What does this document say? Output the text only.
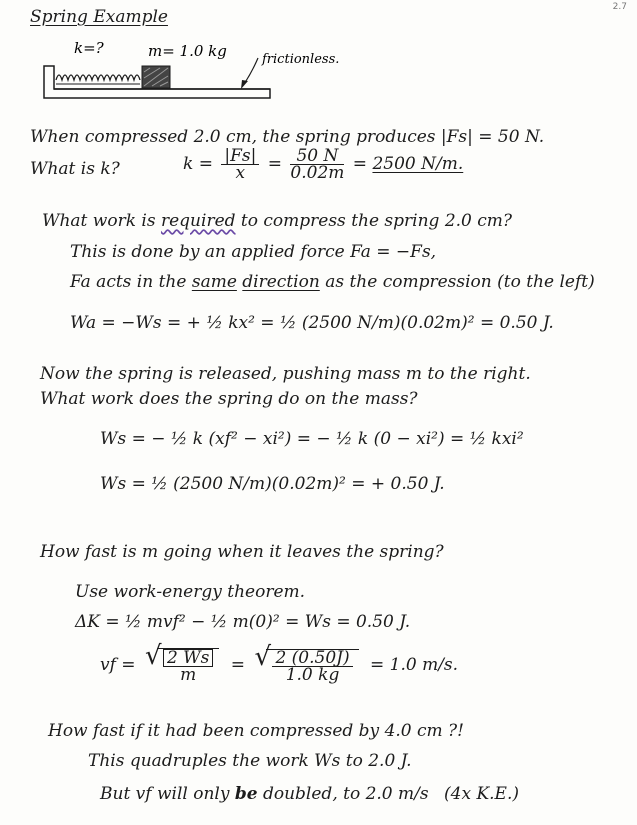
2.7
Spring Example
k=?	m= 1.0 kg	frictionless.
When compressed 2.0 cm, the spring produces |Fs| = 50 N.
What is k?	$k = \frac{|Fs|}{x} = \frac{50 N}{0.02m} = 2500$ N/m.
What work is required to compress the spring 2.0 cm?
This is done by an applied force Fa = −Fs,
Fa acts in the same direction as the compression (to the left)
Wa = −Ws = + ½ kx² = ½ (2500 N/m)(0.02m)² = 0.50 J.
Now the spring is released, pushing mass m to the right.
What work does the spring do on the mass?
Ws = − ½ k (xf² − xi²) = − ½ k (0 − xi²) = ½ kxi²
Ws = ½ (2500 N/m)(0.02m)² = + 0.50 J.
How fast is m going when it leaves the spring?
Use work-energy theorem.
ΔK = ½ mvf² − ½ m(0)² = Ws = 0.50 J.
vf = √ $\frac{2 Ws}{m}$ = √ $\frac{2 (0.50J)}{1.0 kg} = 1.0$ m/s.
How fast if it had been compressed by 4.0 cm ?!
This quadruples the work Ws to 2.0 J.
But vf will only be doubled, to 2.0 m/s (4x K.E.)
